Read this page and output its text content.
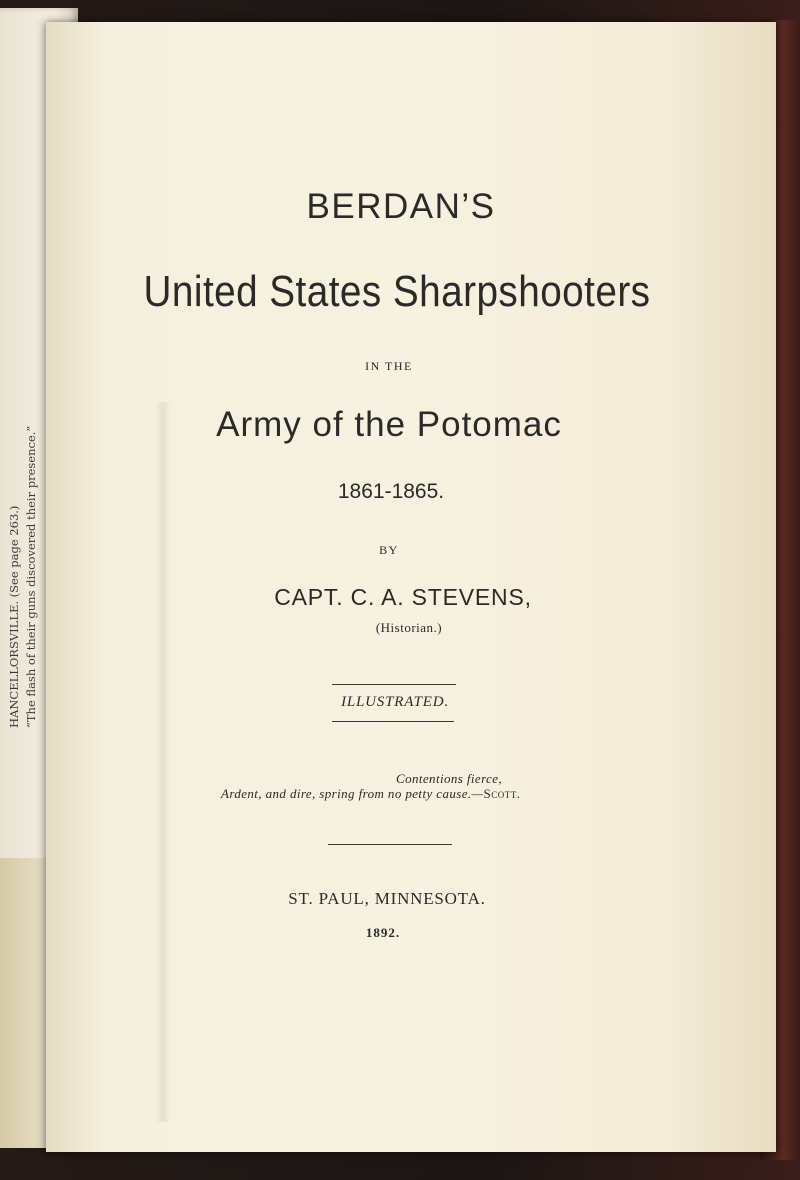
HANCELLORSVILLE. (See page 263.) “The flash of their guns discovered their presence.”

BERDAN’S

United States Sharpshooters

IN THE

Army of the Potomac

1861-1865.

BY

CAPT. C. A. STEVENS,

(Historian.)

ILLUSTRATED.

Contentions fierce,
Ardent, and dire, spring from no petty cause.—Scott.

ST. PAUL, MINNESOTA.

1892.
